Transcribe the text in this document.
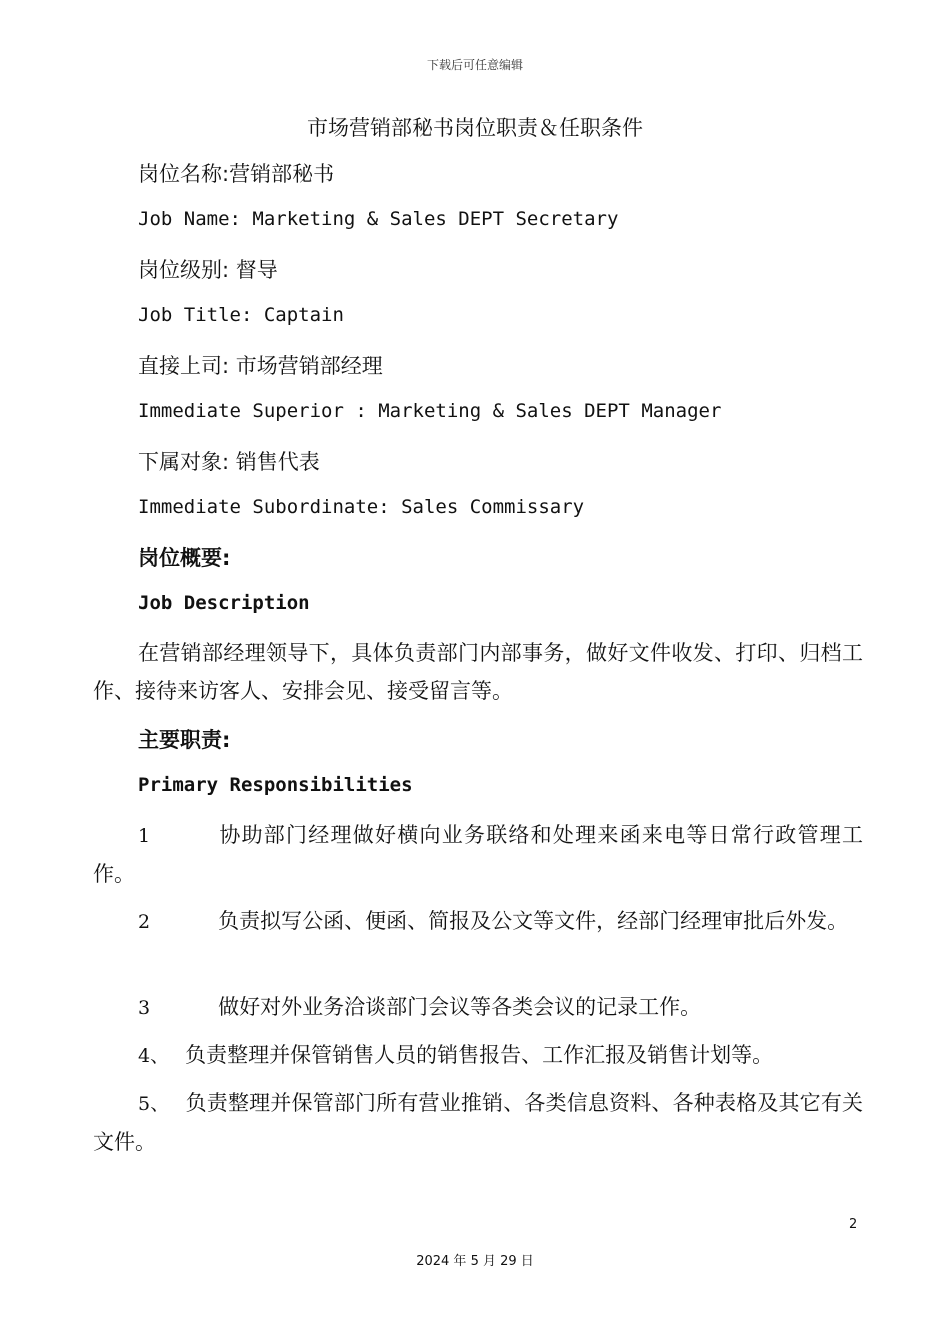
下载后可任意编辑
市场营销部秘书岗位职责＆任职条件
岗位名称:营销部秘书
Job Name: Marketing & Sales DEPT Secretary
岗位级别: 督导
Job Title: Captain
直接上司: 市场营销部经理
Immediate Superior : Marketing & Sales DEPT Manager
下属对象: 销售代表
Immediate Subordinate: Sales Commissary
岗位概要:
Job Description
在营销部经理领导下，具体负责部门内部事务，做好文件收发、打印、归档工作、接待来访客人、安排会见、接受留言等。
主要职责:
Primary Responsibilities
1	协助部门经理做好横向业务联络和处理来函来电等日常行政管理工作。
2	负责拟写公函、便函、简报及公文等文件，经部门经理审批后外发。
3	做好对外业务洽谈部门会议等各类会议的记录工作。
4、 负责整理并保管销售人员的销售报告、工作汇报及销售计划等。
5、 负责整理并保管部门所有营业推销、各类信息资料、各种表格及其它有关文件。
2
2024 年 5 月 29 日
